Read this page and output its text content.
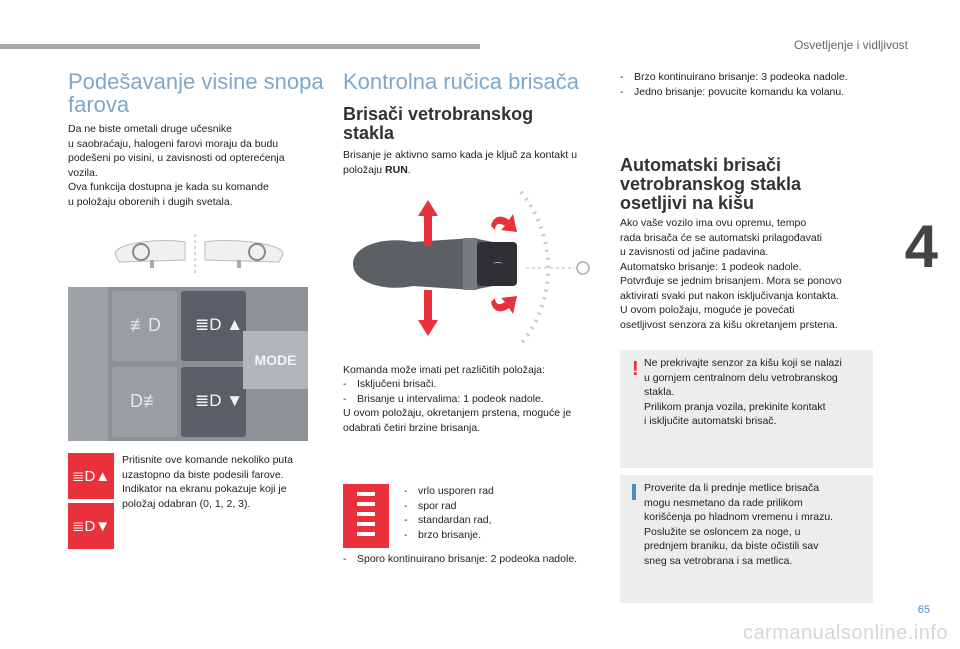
Osvetljenje i vidljivost
4
65
carmanualsonline.info
Podešavanje visine snopa farova

Da ne biste ometali druge učesnike
u saobraćaju, halogeni farovi moraju da budu
podešeni po visini, u zavisnosti od opterećenja
vozila.
Ova funkcija dostupna je kada su komande
u položaju oborenih i dugih svetala.

≢D ≣D ▲
D≢ ≣D ▼
MODE
≣D▲
≣D▼

Pritisnite ove komande nekoliko puta
uzastopno da biste podesili farove.
Indikator na ekranu pokazuje koji je
položaj odabran (0, 1, 2, 3).

Kontrolna ručica brisača
Brisači vetrobranskog stakla

Brisanje je aktivno samo kada je ključ za kontakt u položaju RUN.

⌒

Komanda može imati pet različitih položaja:

- Isključeni brisači.
- Brisanje u intervalima: 1 podeok nadole.

U ovom položaju, okretanjem prstena, moguće je odabrati četiri brzine brisanja.

- vrlo usporen rad
- spor rad
- standardan rad,
- brzo brisanje.
- Sporo kontinuirano brisanje: 2 podeoka nadole.
- Brzo kontinuirano brisanje: 3 podeoka nadole.
- Jedno brisanje: povucite komandu ka volanu.
Automatski brisači vetrobranskog stakla osetljivi na kišu

Ako vaše vozilo ima ovu opremu, tempo
rada brisača će se automatski prilagođavati
u zavisnosti od jačine padavina.
Automatsko brisanje: 1 podeok nadole.
Potvrđuje se jednim brisanjem. Mora se ponovo
aktivirati svaki put nakon isključivanja kontakta.
U ovom položaju, moguće je povećati
osetljivost senzora za kišu okretanjem prstena.

! Ne prekrivajte senzor za kišu koji se nalazi
u gornjem centralnom delu vetrobranskog
stakla.
Prilikom pranja vozila, prekinite kontakt
i isključite automatski brisač.

Proverite da li prednje metlice brisača
mogu nesmetano da rade prilikom
korišćenja po hladnom vremenu i mrazu.
Poslužite se osloncem za noge, u
prednjem braniku, da biste očistili sav
sneg sa vetrobrana i sa metlica.
